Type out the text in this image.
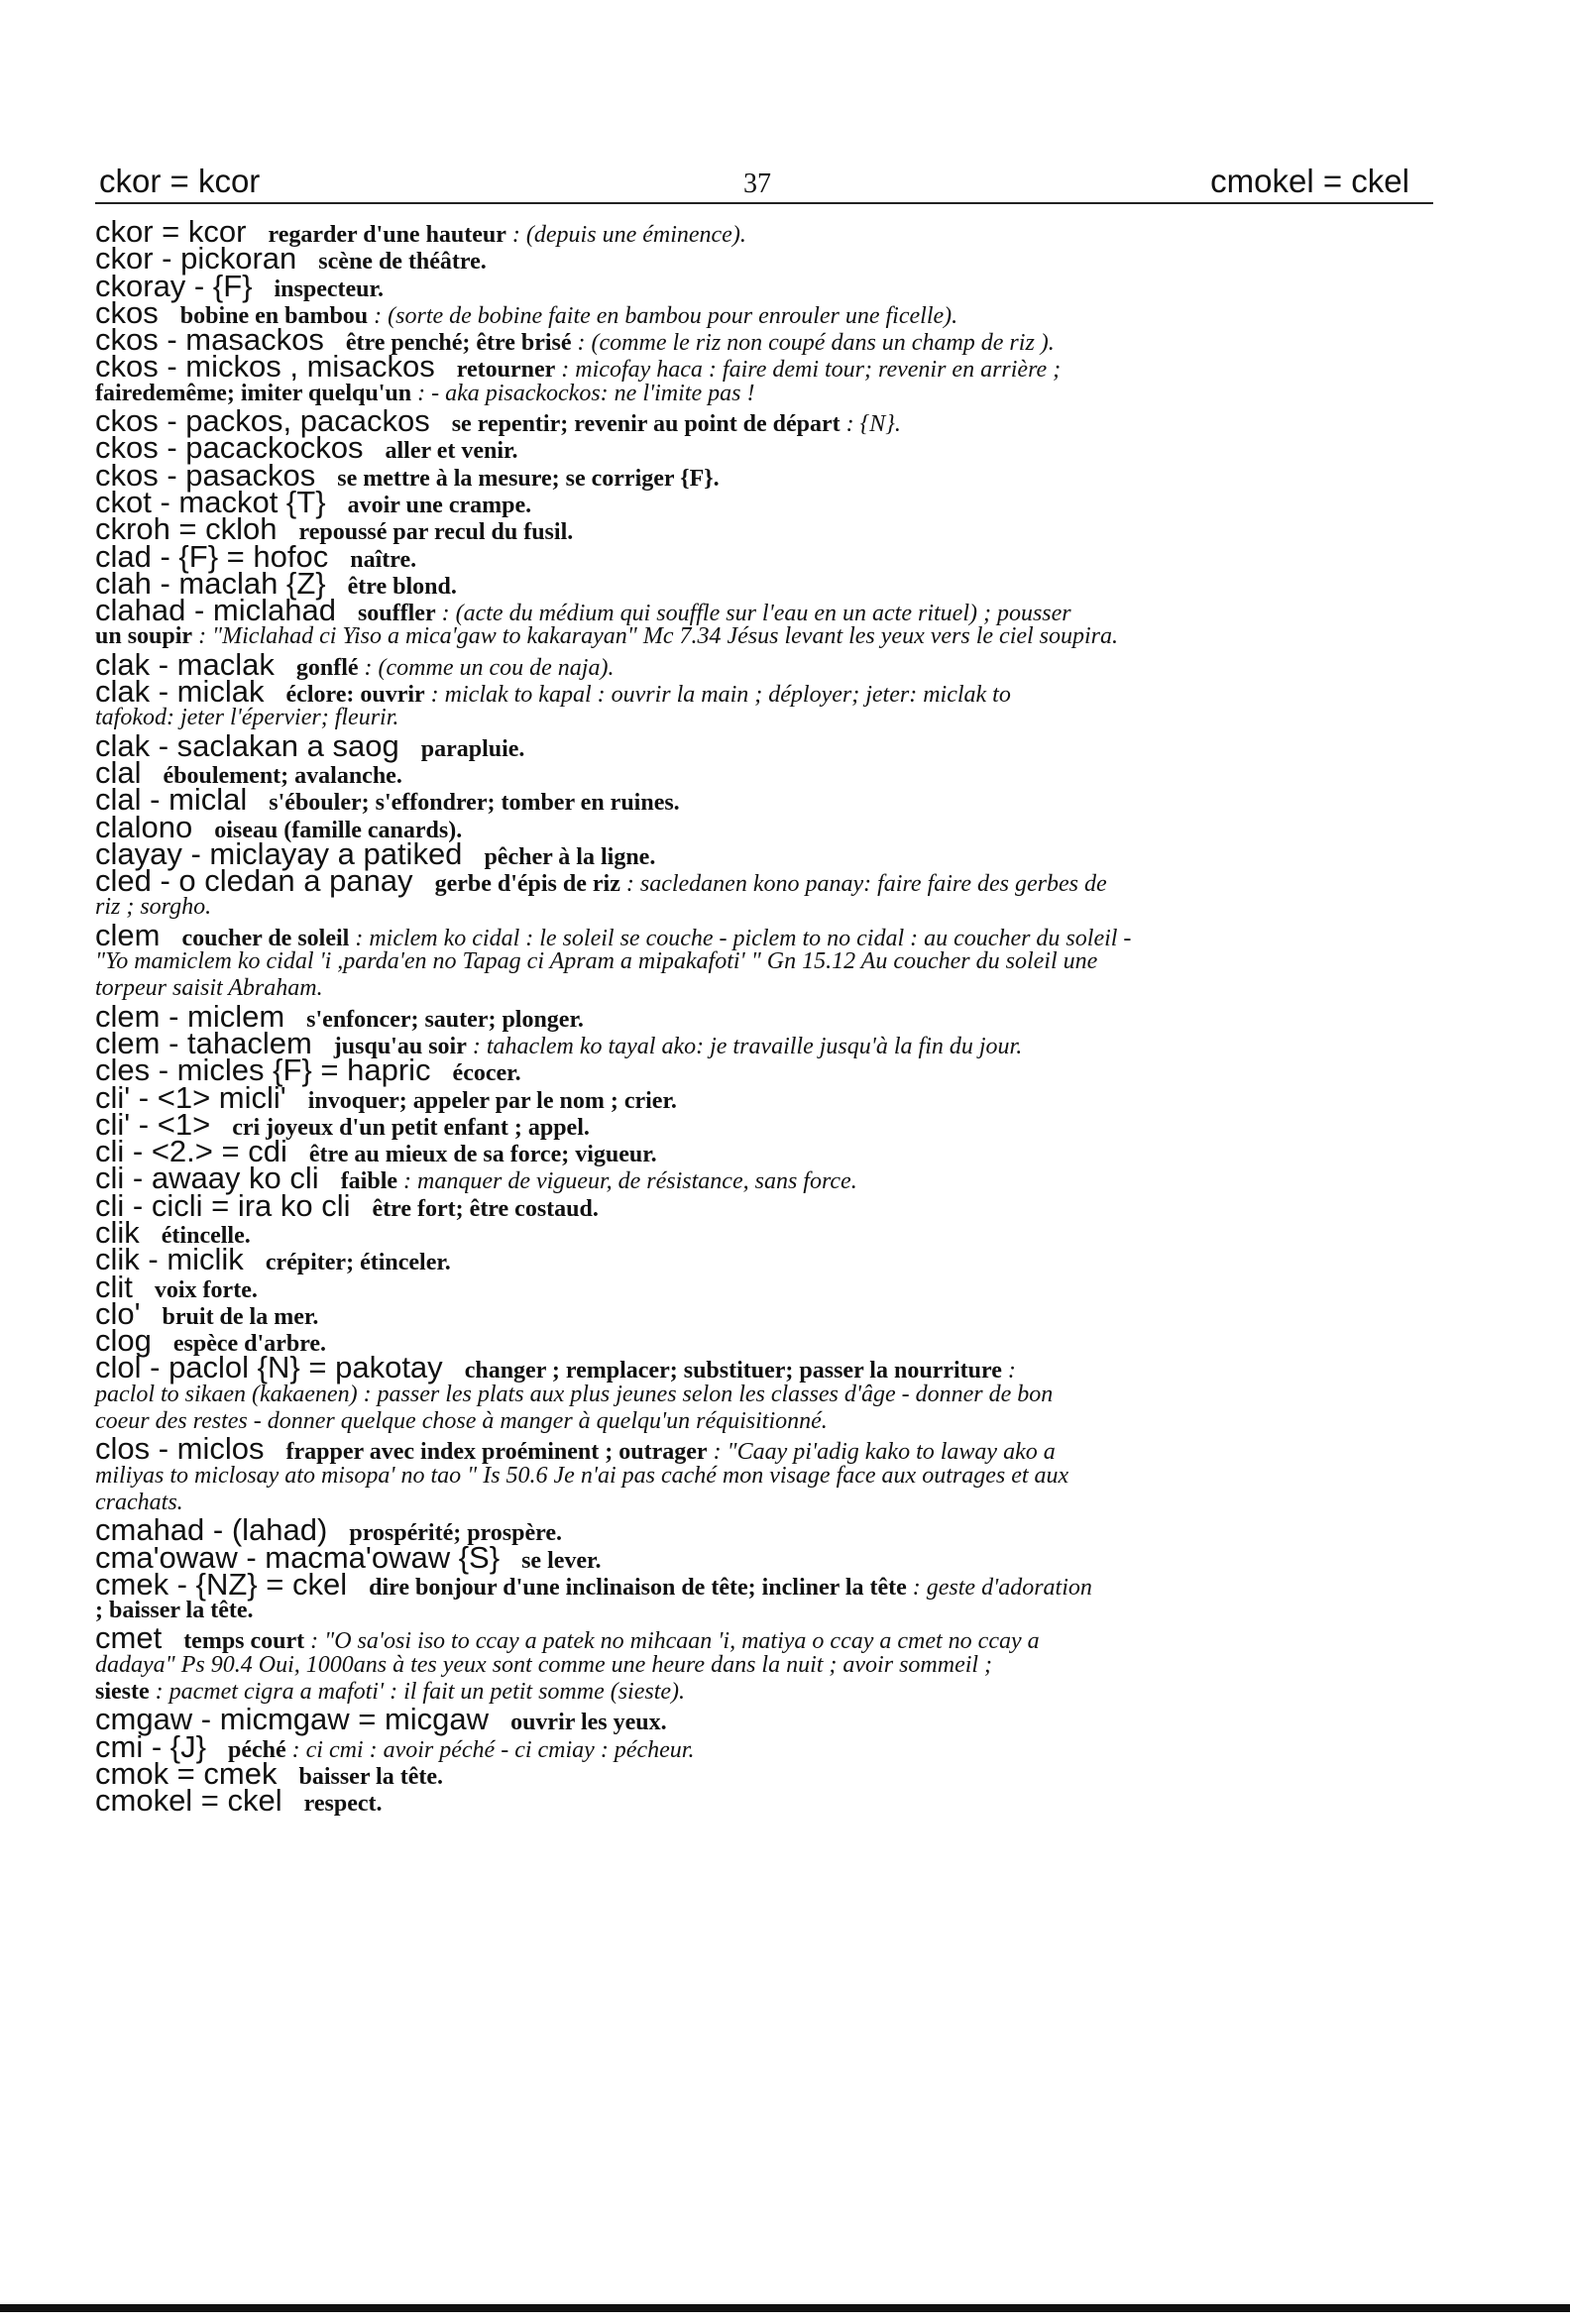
ckor = kcor	37	cmokel = ckel
ckor = kcor regarder d'une hauteur : (depuis une éminence).
ckor - pickoran scène de théâtre.
ckoray - {F} inspecteur.
ckos bobine en bambou : (sorte de bobine faite en bambou pour enrouler une ficelle).
ckos - masackos être penché; être brisé : (comme le riz non coupé dans un champ de riz ).
ckos - mickos , misackos retourner : micofay haca : faire demi tour; revenir en arrière ;
fairedemême; imiter quelqu'un : - aka pisackockos: ne l'imite pas !
ckos - packos, pacackos se repentir; revenir au point de départ : {N}.
ckos - pacackockos aller et venir.
ckos - pasackos se mettre à la mesure; se corriger {F}.
ckot - mackot {T} avoir une crampe.
ckroh = ckloh repoussé par recul du fusil.
clad - {F} = hofoc naître.
clah - maclah {Z} être blond.
clahad - miclahad souffler : (acte du médium qui souffle sur l'eau en un acte rituel) ; pousser
un soupir : "Miclahad ci Yiso a mica'gaw to kakarayan" Mc 7.34 Jésus levant les yeux vers le ciel soupira.
clak - maclak gonflé : (comme un cou de naja).
clak - miclak éclore: ouvrir : miclak to kapal : ouvrir la main ; déployer; jeter: miclak to
tafokod: jeter l'épervier; fleurir.
clak - saclakan a saog parapluie.
clal éboulement; avalanche.
clal - miclal s'ébouler; s'effondrer; tomber en ruines.
clalono oiseau (famille canards).
clayay - miclayay a patiked pêcher à la ligne.
cled - o cledan a panay gerbe d'épis de riz : sacledanen kono panay: faire faire des gerbes de
riz ; sorgho.
clem coucher de soleil : miclem ko cidal : le soleil se couche - piclem to no cidal : au coucher du soleil -
"Yo mamiclem ko cidal 'i ,parda'en no Tapag ci Apram a mipakafoti' " Gn 15.12 Au coucher du soleil une
torpeur saisit Abraham.
clem - miclem s'enfoncer; sauter; plonger.
clem - tahaclem jusqu'au soir : tahaclem ko tayal ako: je travaille jusqu'à la fin du jour.
cles - micles {F} = hapric écocer.
cli' - <1> micli' invoquer; appeler par le nom ; crier.
cli' - <1> cri joyeux d'un petit enfant ; appel.
cli - <2.> = cdi être au mieux de sa force; vigueur.
cli - awaay ko cli faible : manquer de vigueur, de résistance, sans force.
cli - cicli = ira ko cli être fort; être costaud.
clik étincelle.
clik - miclik crépiter; étinceler.
clit voix forte.
clo' bruit de la mer.
clog espèce d'arbre.
clol - paclol {N} = pakotay changer ; remplacer; substituer; passer la nourriture :
paclol to sikaen (kakaenen) : passer les plats aux plus jeunes selon les classes d'âge - donner de bon
coeur des restes - donner quelque chose à manger à quelqu'un réquisitionné.
clos - miclos frapper avec index proéminent ; outrager : "Caay pi'adig kako to laway ako a
miliyas to miclosay ato misopa' no tao " Is 50.6 Je n'ai pas caché mon visage face aux outrages et aux
crachats.
cmahad - (lahad) prospérité; prospère.
cma'owaw - macma'owaw {S} se lever.
cmek - {NZ} = ckel dire bonjour d'une inclinaison de tête; incliner la tête : geste d'adoration
; baisser la tête.
cmet temps court : "O sa'osi iso to ccay a patek no mihcaan 'i, matiya o ccay a cmet no ccay a
dadaya" Ps 90.4 Oui, 1000ans à tes yeux sont comme une heure dans la nuit ; avoir sommeil ;
sieste : pacmet cigra a mafoti' : il fait un petit somme (sieste).
cmgaw - micmgaw = micgaw ouvrir les yeux.
cmi - {J} péché : ci cmi : avoir péché - ci cmiay : pécheur.
cmok = cmek baisser la tête.
cmokel = ckel respect.
